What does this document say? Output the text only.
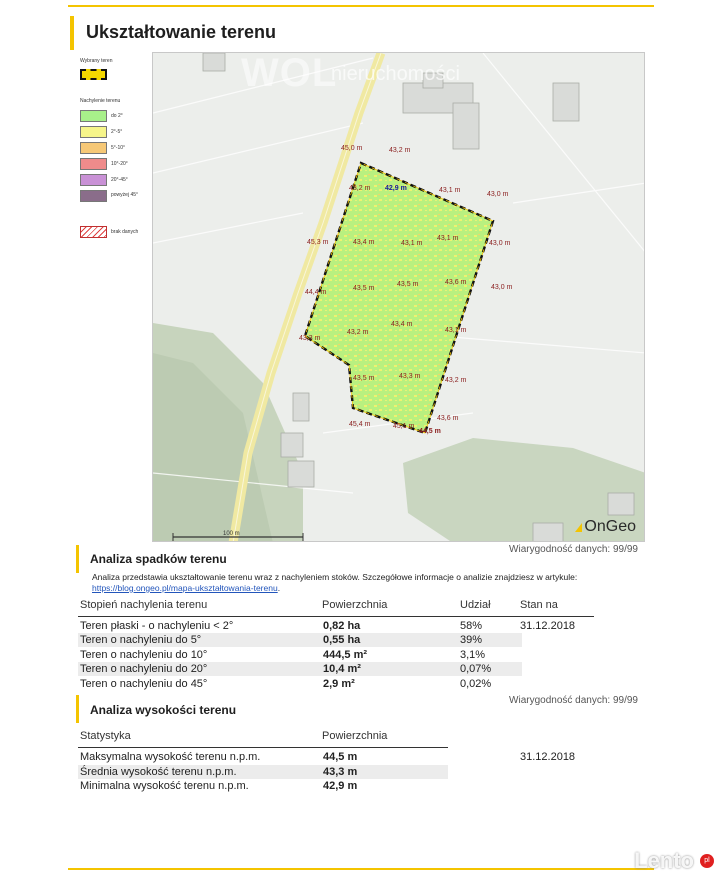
Ukształtowanie terenu
Wybrany teren
Nachylenie terenu
do 2°
2°-5°
5°-10°
10°-20°
20°-45°
powyżej 45°
brak danych
WOL
nieruchomości
45,0 m	43,2 m
43,2 m 42,9 m	43,1 m
43,0 m
45,3 m	43,4 m	43,1 m
43,1 m
43,0 m
44,4 m
43,5 m
43,5 m	43,6 m
43,0 m
43,3 m
43,2 m
43,4 m
43,1 m
43,5 m	43,3 m
43,2 m
45,4 m	45,1 m
43,6 m
44,5 m
100 m	OnGeo
Wiarygodność danych: 99/99
Analiza spadków terenu
Analiza przedstawia ukształtowanie terenu wraz z nachyleniem stoków. Szczegółowe informacje o analizie znajdziesz w artykule:
https://blog.ongeo.pl/mapa-ukształtowania-terenu.
Stopień nachylenia terenu	Powierzchnia	Udział	Stan na
Teren płaski - o nachyleniu < 2°	0,82 ha	58%	31.12.2018
Teren o nachyleniu do 5°	0,55 ha	39%
Teren o nachyleniu do 10°	444,5 m²	3,1%
Teren o nachyleniu do 20°	10,4 m²	0,07%
Teren o nachyleniu do 45°	2,9 m²	0,02%
Wiarygodność danych: 99/99
Analiza wysokości terenu
Statystyka	Powierzchnia
Maksymalna wysokość terenu n.p.m.	44,5 m	31.12.2018
Średnia wysokość terenu n.p.m.	43,3 m
Minimalna wysokość terenu n.p.m.	42,9 m
Lento	pl
